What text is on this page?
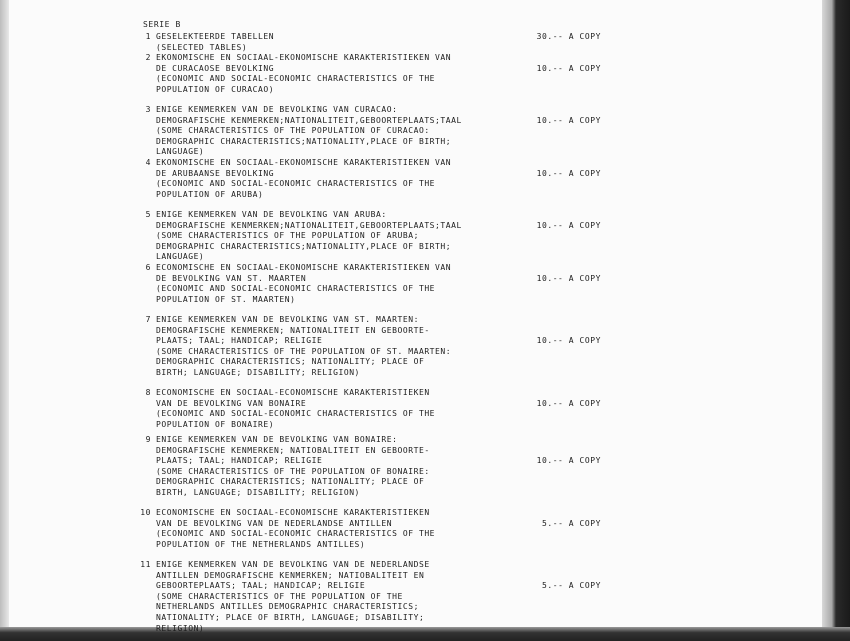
SERIE B
1 GESELEKTEERDE TABELLEN
(SELECTED TABLES)
30.-- A COPY
2 EKONOMISCHE EN SOCIAAL-EKONOMISCHE KARAKTERISTIEKEN VAN
DE CURACAOSE BEVOLKING
(ECONOMIC AND SOCIAL-ECONOMIC CHARACTERISTICS OF THE
POPULATION OF CURACAO)
10.-- A COPY
3 ENIGE KENMERKEN VAN DE BEVOLKING VAN CURACAO:
DEMOGRAFISCHE KENMERKEN;NATIONALITEIT,GEBOORTEPLAATS;TAAL
(SOME CHARACTERISTICS OF THE POPULATION OF CURACAO:
DEMOGRAPHIC CHARACTERISTICS;NATIONALITY,PLACE OF BIRTH;
LANGUAGE)
10.-- A COPY
4 EKONOMISCHE EN SOCIAAL-EKONOMISCHE KARAKTERISTIEKEN VAN
DE ARUBAANSE BEVOLKING
(ECONOMIC AND SOCIAL-ECONOMIC CHARACTERISTICS OF THE
POPULATION OF ARUBA)
10.-- A COPY
5 ENIGE KENMERKEN VAN DE BEVOLKING VAN ARUBA:
DEMOGRAFISCHE KENMERKEN;NATIONALITEIT,GEBOORTEPLAATS;TAAL
(SOME CHARACTERISTICS OF THE POPULATION OF ARUBA;
DEMOGRAPHIC CHARACTERISTICS;NATIONALITY,PLACE OF BIRTH;
LANGUAGE)
10.-- A COPY
6 ECONOMISCHE EN SOCIAAL-EKONOMISCHE KARAKTERISTIEKEN VAN
DE BEVOLKING VAN ST. MAARTEN
(ECONOMIC AND SOCIAL-ECONOMIC CHARACTERISTICS OF THE
POPULATION OF ST. MAARTEN)
10.-- A COPY
7 ENIGE KENMERKEN VAN DE BEVOLKING VAN ST. MAARTEN:
DEMOGRAFISCHE KENMERKEN; NATIONALITEIT EN GEBOORTE-
PLAATS; TAAL; HANDICAP; RELIGIE
(SOME CHARACTERISTICS OF THE POPULATION OF ST. MAARTEN:
DEMOGRAPHIC CHARACTERISTICS; NATIONALITY; PLACE OF
BIRTH; LANGUAGE; DISABILITY; RELIGION)
10.-- A COPY
8 ECONOMISCHE EN SOCIAAL-ECONOMISCHE KARAKTERISTIEKEN
VAN DE BEVOLKING VAN BONAIRE
(ECONOMIC AND SOCIAL-ECONOMIC CHARACTERISTICS OF THE
POPULATION OF BONAIRE)
10.-- A COPY
9 ENIGE KENMERKEN VAN DE BEVOLKING VAN BONAIRE:
DEMOGRAFISCHE KENMERKEN; NATIOBALITEIT EN GEBOORTE-
PLAATS; TAAL; HANDICAP; RELIGIE
(SOME CHARACTERISTICS OF THE POPULATION OF BONAIRE:
DEMOGRAPHIC CHARACTERISTICS; NATIONALITY; PLACE OF
BIRTH, LANGUAGE; DISABILITY; RELIGION)
10.-- A COPY
10 ECONOMISCHE EN SOCIAAL-ECONOMISCHE KARAKTERISTIEKEN
VAN DE BEVOLKING VAN DE NEDERLANDSE ANTILLEN
(ECONOMIC AND SOCIAL-ECONOMIC CHARACTERISTICS OF THE
POPULATION OF THE NETHERLANDS ANTILLES)
5.-- A COPY
11 ENIGE KENMERKEN VAN DE BEVOLKING VAN DE NEDERLANDSE
ANTILLEN DEMOGRAFISCHE KENMERKEN; NATIOBALITEIT EN
GEBOORTEPLAATS; TAAL; HANDICAP; RELIGIE
(SOME CHARACTERISTICS OF THE POPULATION OF THE
NETHERLANDS ANTILLES DEMOGRAPHIC CHARACTERISTICS;
NATIONALITY; PLACE OF BIRTH, LANGUAGE; DISABILITY;
RELIGION)
5.-- A COPY
